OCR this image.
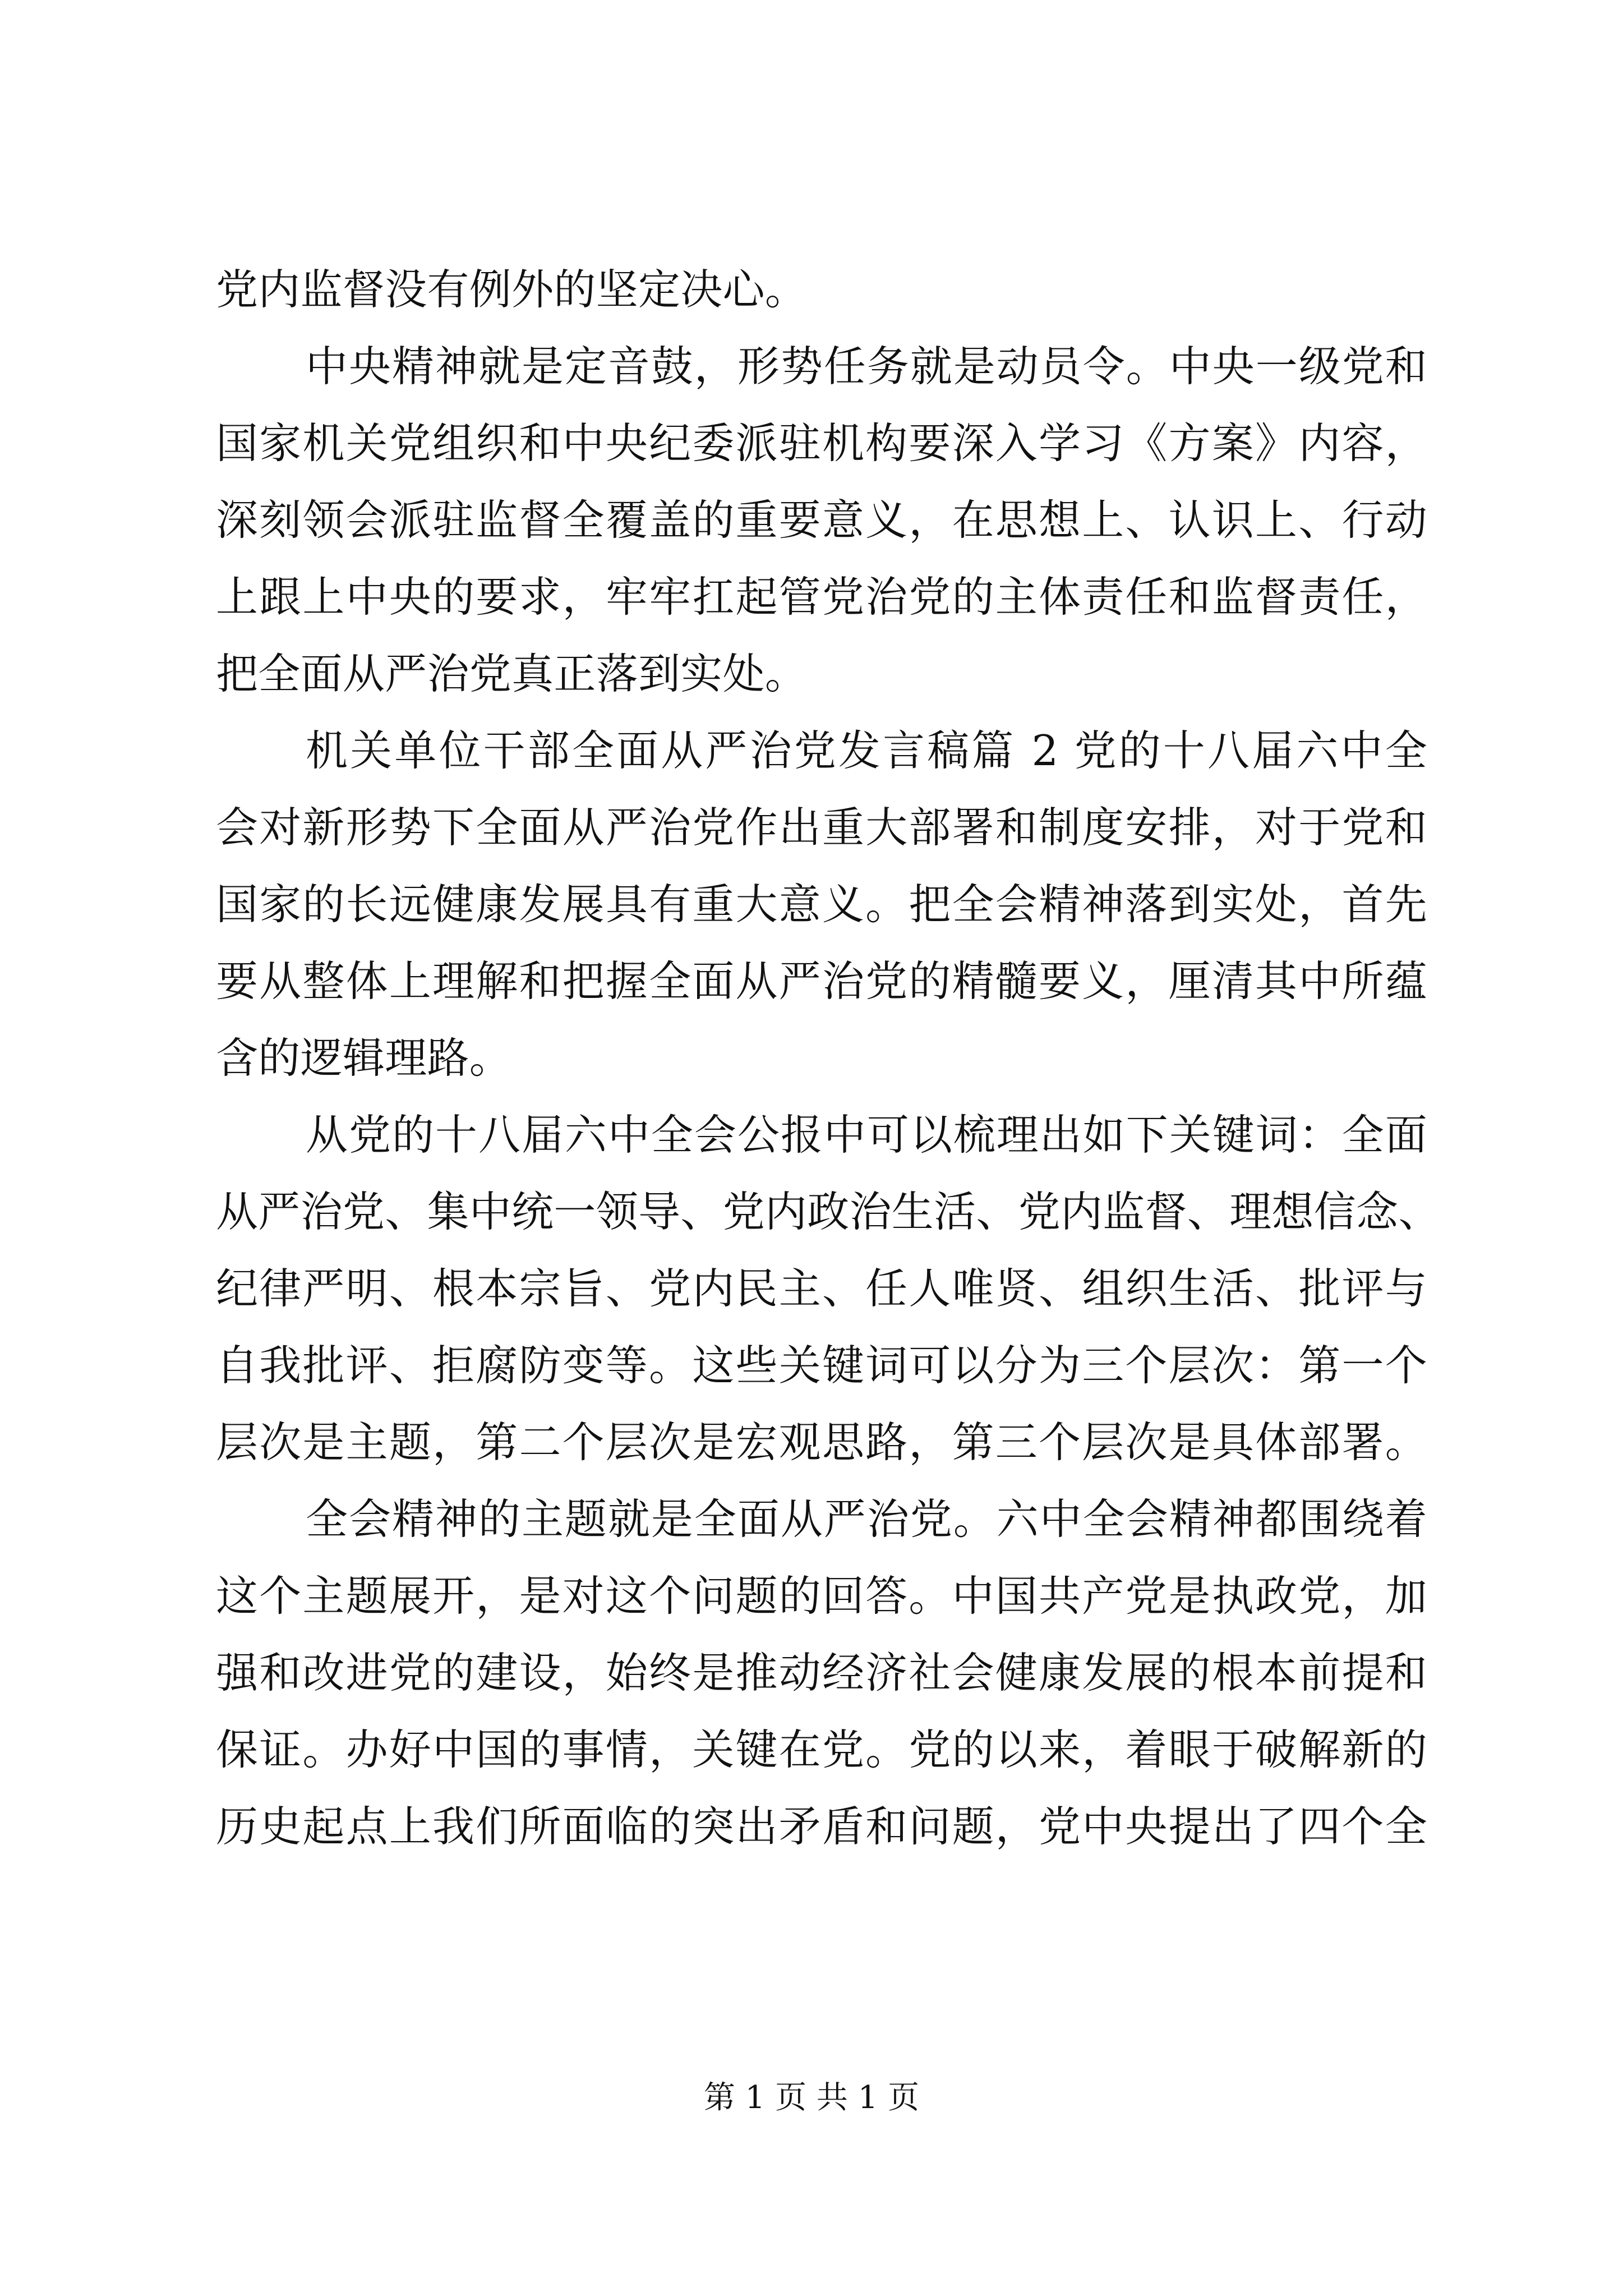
党内监督没有例外的坚定决心。
中央精神就是定音鼓，形势任务就是动员令。中央一级党和
国家机关党组织和中央纪委派驻机构要深入学习《方案》内容，
深刻领会派驻监督全覆盖的重要意义，在思想上、认识上、行动
上跟上中央的要求，牢牢扛起管党治党的主体责任和监督责任，
把全面从严治党真正落到实处。
机关单位干部全面从严治党发言稿篇 2 党的十八届六中全
会对新形势下全面从严治党作出重大部署和制度安排，对于党和
国家的长远健康发展具有重大意义。把全会精神落到实处，首先
要从整体上理解和把握全面从严治党的精髓要义，厘清其中所蕴
含的逻辑理路。
从党的十八届六中全会公报中可以梳理出如下关键词：全面
从严治党、集中统一领导、党内政治生活、党内监督、理想信念、
纪律严明、根本宗旨、党内民主、任人唯贤、组织生活、批评与
自我批评、拒腐防变等。这些关键词可以分为三个层次：第一个
层次是主题，第二个层次是宏观思路，第三个层次是具体部署。
全会精神的主题就是全面从严治党。六中全会精神都围绕着
这个主题展开，是对这个问题的回答。中国共产党是执政党，加
强和改进党的建设，始终是推动经济社会健康发展的根本前提和
保证。办好中国的事情，关键在党。党的以来，着眼于破解新的
历史起点上我们所面临的突出矛盾和问题，党中央提出了四个全
第 1 页 共 1 页
